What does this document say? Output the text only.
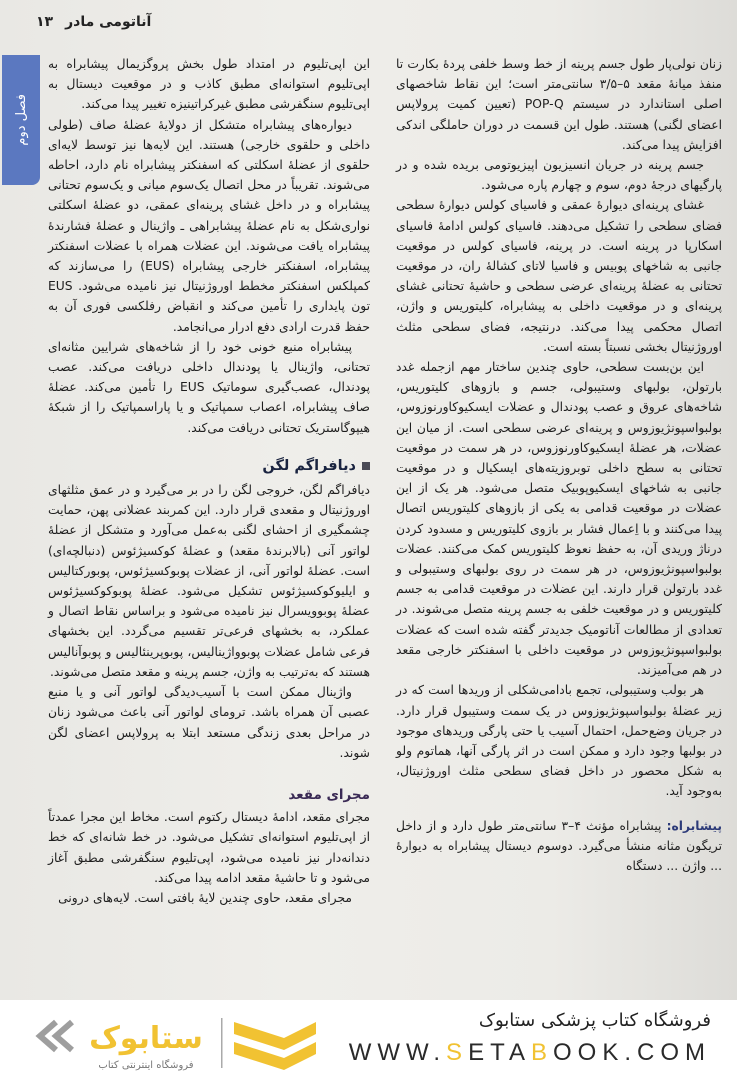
آناتومی مادر
۱۳
فصل دوم

زنان نولی‌پار طول جسم پرینه از خط وسط خلفی پردهٔ بکارت تا منفذ میانهٔ مقعد ۵–۳/۵ سانتی‌متر است؛ این نقاط شاخصهای اصلی استاندارد در سیستم POP-Q (تعیین کمیت پرولاپس اعضای لگنی) هستند. طول این قسمت در دوران حاملگی اندکی افزایش پیدا می‌کند.

جسم پرینه در جریان انسیزیون اپیزیوتومی بریده شده و در پارگیهای درجهٔ دوم، سوم و چهارم پاره می‌شود.

غشای پرینه‌ای دیوارهٔ عمقی و فاسیای کولس دیوارهٔ سطحی فضای سطحی را تشکیل می‌دهند. فاسیای کولس ادامهٔ فاسیای اسکارپا در پرینه است. در پرینه، فاسیای کولس در موقعیت جانبی به شاخهای پوبیس و فاسیا لاتای کشالهٔ ران، در موقعیت تحتانی به عضلهٔ پرینه‌ای عرضی سطحی و حاشیهٔ تحتانی غشای پرینه‌ای و در موقعیت داخلی به پیشابراه، کلیتوریس و واژن، اتصال محکمی پیدا می‌کند. درنتیجه، فضای سطحی مثلث اوروژنیتال بخشی نسبتاً بسته است.

این بن‌بست سطحی، حاوی چندین ساختار مهم ازجمله غدد بارتولن، بولبهای وستیبولی، جسم و بازوهای کلیتوریس، شاخه‌های عروق و عصب پودندال و عضلات ایسکیوکاورنوزوس، بولبواسپونژیوزوس و پرینه‌ای عرضی سطحی است. از میان این عضلات، هر عضلهٔ ایسکیوکاورنوزوس، در هر سمت در موقعیت تحتانی به سطح داخلی توبروزیته‌های ایسکیال و در موقعیت جانبی به شاخهای ایسکیوپوبیک متصل می‌شود. هر یک از این عضلات در موقعیت قدامی به یکی از بازوهای کلیتوریس اتصال پیدا می‌کنند و با اِعمال فشار بر بازوی کلیتوریس و مسدود کردن درناژ وریدی آن، به حفظ نعوظ کلیتوریس کمک می‌کنند. عضلات بولبواسپونژیوزوس، در هر سمت در روی بولبهای وستیبولی و غدد بارتولن قرار دارند. این عضلات در موقعیت قدامی به جسم کلیتوریس و در موقعیت خلفی به جسم پرینه متصل می‌شوند. در تعدادی از مطالعات آناتومیک جدیدتر گفته شده است که عضلات بولبواسپونژیوزوس در موقعیت داخلی با اسفنکتر خارجی مقعد در هم می‌آمیزند.

هر بولب وستیبولی، تجمع بادامی‌شکلی از وریدها است که در زیر عضلهٔ بولبواسپونژیوزوس در یک سمت وستیبول قرار دارد. در جریان وضع‌حمل، احتمال آسیب یا حتی پارگی وریدهای موجود در بولبها وجود دارد و ممکن است در اثر پارگی آنها، هماتوم ولو به شکل محصور در داخل فضای سطحی مثلث اوروژنیتال، به‌وجود آید.

پیشابراه: پیشابراه مؤنث ۴–۳ سانتی‌متر طول دارد و از داخل تریگون مثانه منشأ می‌گیرد. دوسوم دیستال پیشابراه به دیوارهٔ ... واژن ... دستگاه

این اپی‌تلیوم در امتداد طول بخش پروگزیمال پیشابراه به اپی‌تلیوم استوانه‌ای مطبق کاذب و در موقعیت دیستال به اپی‌تلیوم سنگفرشی مطبق غیرکراتینیزه تغییر پیدا می‌کند.

دیواره‌های پیشابراه متشکل از دولایهٔ عضلهٔ صاف (طولی داخلی و حلقوی خارجی) هستند. این لایه‌ها نیز توسط لایه‌ای حلقوی از عضلهٔ اسکلتی که اسفنکتر پیشابراه نام دارد، احاطه می‌شوند. تقریباً در محل اتصال یک‌سوم میانی و یک‌سوم تحتانی پیشابراه و در داخل غشای پرینه‌ای عمقی، دو عضلهٔ اسکلتی نواری‌شکل به نام عضلهٔ پیشابراهی ـ واژینال و عضلهٔ فشارندهٔ پیشابراه یافت می‌شوند. این عضلات همراه با عضلات اسفنکتر پیشابراه، اسفنکتر خارجی پیشابراه (EUS) را می‌سازند که کمپلکس اسفنکتر مخطط اوروژنیتال نیز نامیده می‌شود. EUS تون پایداری را تأمین می‌کند و انقباض رفلکسی فوری آن به حفظ قدرت ارادی دفع ادرار می‌انجامد.

پیشابراه منبع خونی خود را از شاخه‌های شرایین مثانه‌ای تحتانی، واژینال یا پودندال داخلی دریافت می‌کند. عصب پودندال، عصب‌گیری سوماتیک EUS را تأمین می‌کند. عضلهٔ صاف پیشابراه، اعصاب سمپاتیک و یا پاراسمپاتیک را از شبکهٔ هیپوگاستریک تحتانی دریافت می‌کند.

دیافراگم لگن

دیافراگم لگن، خروجی لگن را در بر می‌گیرد و در عمق مثلثهای اوروژنیتال و مقعدی قرار دارد. این کمربند عضلانی پهن، حمایت چشمگیری از احشای لگنی به‌عمل می‌آورد و متشکل از عضلهٔ لواتور آنی (بالابرندهٔ مقعد) و عضلهٔ کوکسیژئوس (دنبالچه‌ای) است. عضلهٔ لواتور آنی، از عضلات پوبوکسیژئوس، پوبورکتالیس و ایلیوکوکسیژئوس تشکیل می‌شود. عضلهٔ پوبوکوکسیژئوس عضلهٔ پوبوویسرال نیز نامیده می‌شود و براساس نقاط اتصال و عملکرد، به بخشهای فرعی‌تر تقسیم می‌گردد. این بخشهای فرعی شامل عضلات پوبوواژینالیس، پوبوپرینئالیس و پوبوآنالیس هستند که به‌ترتیب به واژن، جسم پرینه و مقعد متصل می‌شوند.

واژینال ممکن است با آسیب‌دیدگی لواتور آنی و یا منبع عصبی آن همراه باشد. ترومای لواتور آنی باعث می‌شود زنان در مراحل بعدی زندگی مستعد ابتلا به پرولاپس اعضای لگن شوند.

مجرای مقعد

مجرای مقعد، ادامهٔ دیستال رکتوم است. مخاط این مجرا عمدتاً از اپی‌تلیوم استوانه‌ای تشکیل می‌شود. در خط شانه‌ای که خط دندانه‌دار نیز نامیده می‌شود، اپی‌تلیوم سنگفرشی مطبق آغاز می‌شود و تا حاشیهٔ مقعد ادامه پیدا می‌کند.

مجرای مقعد، حاوی چندین لایهٔ بافتی است. لایه‌های درونی

ستابوک
فروشگاه اینترنتی کتاب
فروشگاه کتاب پزشکی ستابوک
WWW.SETABOOK.COM
